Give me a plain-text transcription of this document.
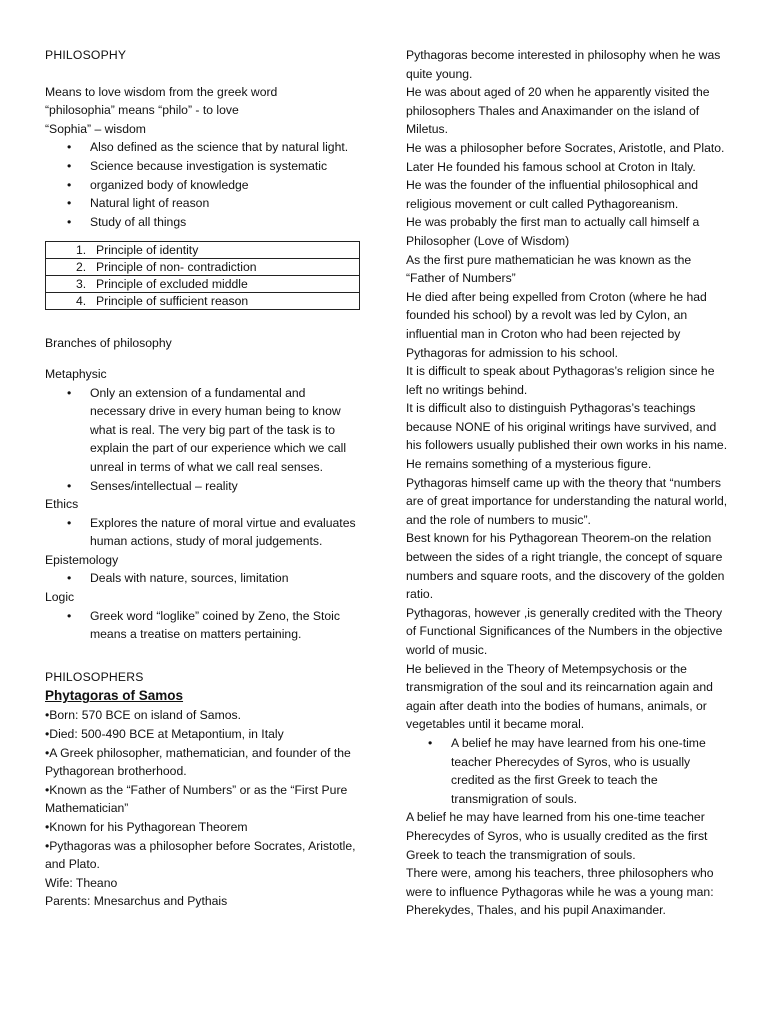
PHILOSOPHY

Means to love wisdom from the greek word

“philosophia” means “philo” - to love

“Sophia” – wisdom

• Also defined as the science that by natural light.
• Science because investigation is systematic
• organized body of knowledge
• Natural light of reason
• Study of all things
1. Principle of identity

2. Principle of non- contradiction

3. Principle of excluded middle

4. Principle of sufficient reason

Branches of philosophy

Metaphysic

• Only an extension of a fundamental and necessary drive in every human being to know what is real. The very big part of the task is to explain the part of our experience which we call unreal in terms of what we call real senses.
• Senses/intellectual – reality

Ethics

• Explores the nature of moral virtue and evaluates human actions, study of moral judgements.

Epistemology

• Deals with nature, sources, limitation

Logic

• Greek word “loglike” coined by Zeno, the Stoic means a treatise on matters pertaining.

PHILOSOPHERS

Phytagoras of Samos

•Born: 570 BCE on island of Samos.

•Died: 500-490 BCE at Metapontium, in Italy

•A Greek philosopher, mathematician, and founder of the Pythagorean brotherhood.

•Known as the “Father of Numbers” or as the “First Pure Mathematician”

•Known for his Pythagorean Theorem

•Pythagoras was a philosopher before Socrates, Aristotle, and Plato.

Wife: Theano

Parents: Mnesarchus and Pythais

Pythagoras become interested in philosophy when he was quite young.

He was about aged of 20 when he apparently visited the philosophers Thales and Anaximander on the island of Miletus.

He was a philosopher before Socrates, Aristotle, and Plato.

Later He founded his famous school at Croton in Italy.

He was the founder of the influential philosophical and religious movement or cult called Pythagoreanism.

He was probably the first man to actually call himself a Philosopher (Love of Wisdom)

As the first pure mathematician he was known as the “Father of Numbers”

He died after being expelled from Croton (where he had founded his school) by a revolt was led by Cylon, an influential man in Croton who had been rejected by Pythagoras for admission to his school.

It is difficult to speak about Pythagoras’s religion since he left no writings behind.

It is difficult also to distinguish Pythagoras’s teachings because NONE of his original writings have survived, and his followers usually published their own works in his name. He remains something of a mysterious figure.

Pythagoras himself came up with the theory that “numbers are of great importance for understanding the natural world, and the role of numbers to music”.

Best known for his Pythagorean Theorem-on the relation between the sides of a right triangle, the concept of square numbers and square roots, and the discovery of the golden ratio.

Pythagoras, however ,is generally credited with the Theory of Functional Significances of the Numbers in the objective world of music.

He believed in the Theory of Metempsychosis or the transmigration of the soul and its reincarnation again and again after death into the bodies of humans, animals, or vegetables until it became moral.

• A belief he may have learned from his one-time teacher Pherecydes of Syros, who is usually credited as the first Greek to teach the transmigration of souls.

A belief he may have learned from his one-time teacher Pherecydes of Syros, who is usually credited as the first Greek to teach the transmigration of souls.

There were, among his teachers, three philosophers who were to influence Pythagoras while he was a young man: Pherekydes, Thales, and his pupil Anaximander.
